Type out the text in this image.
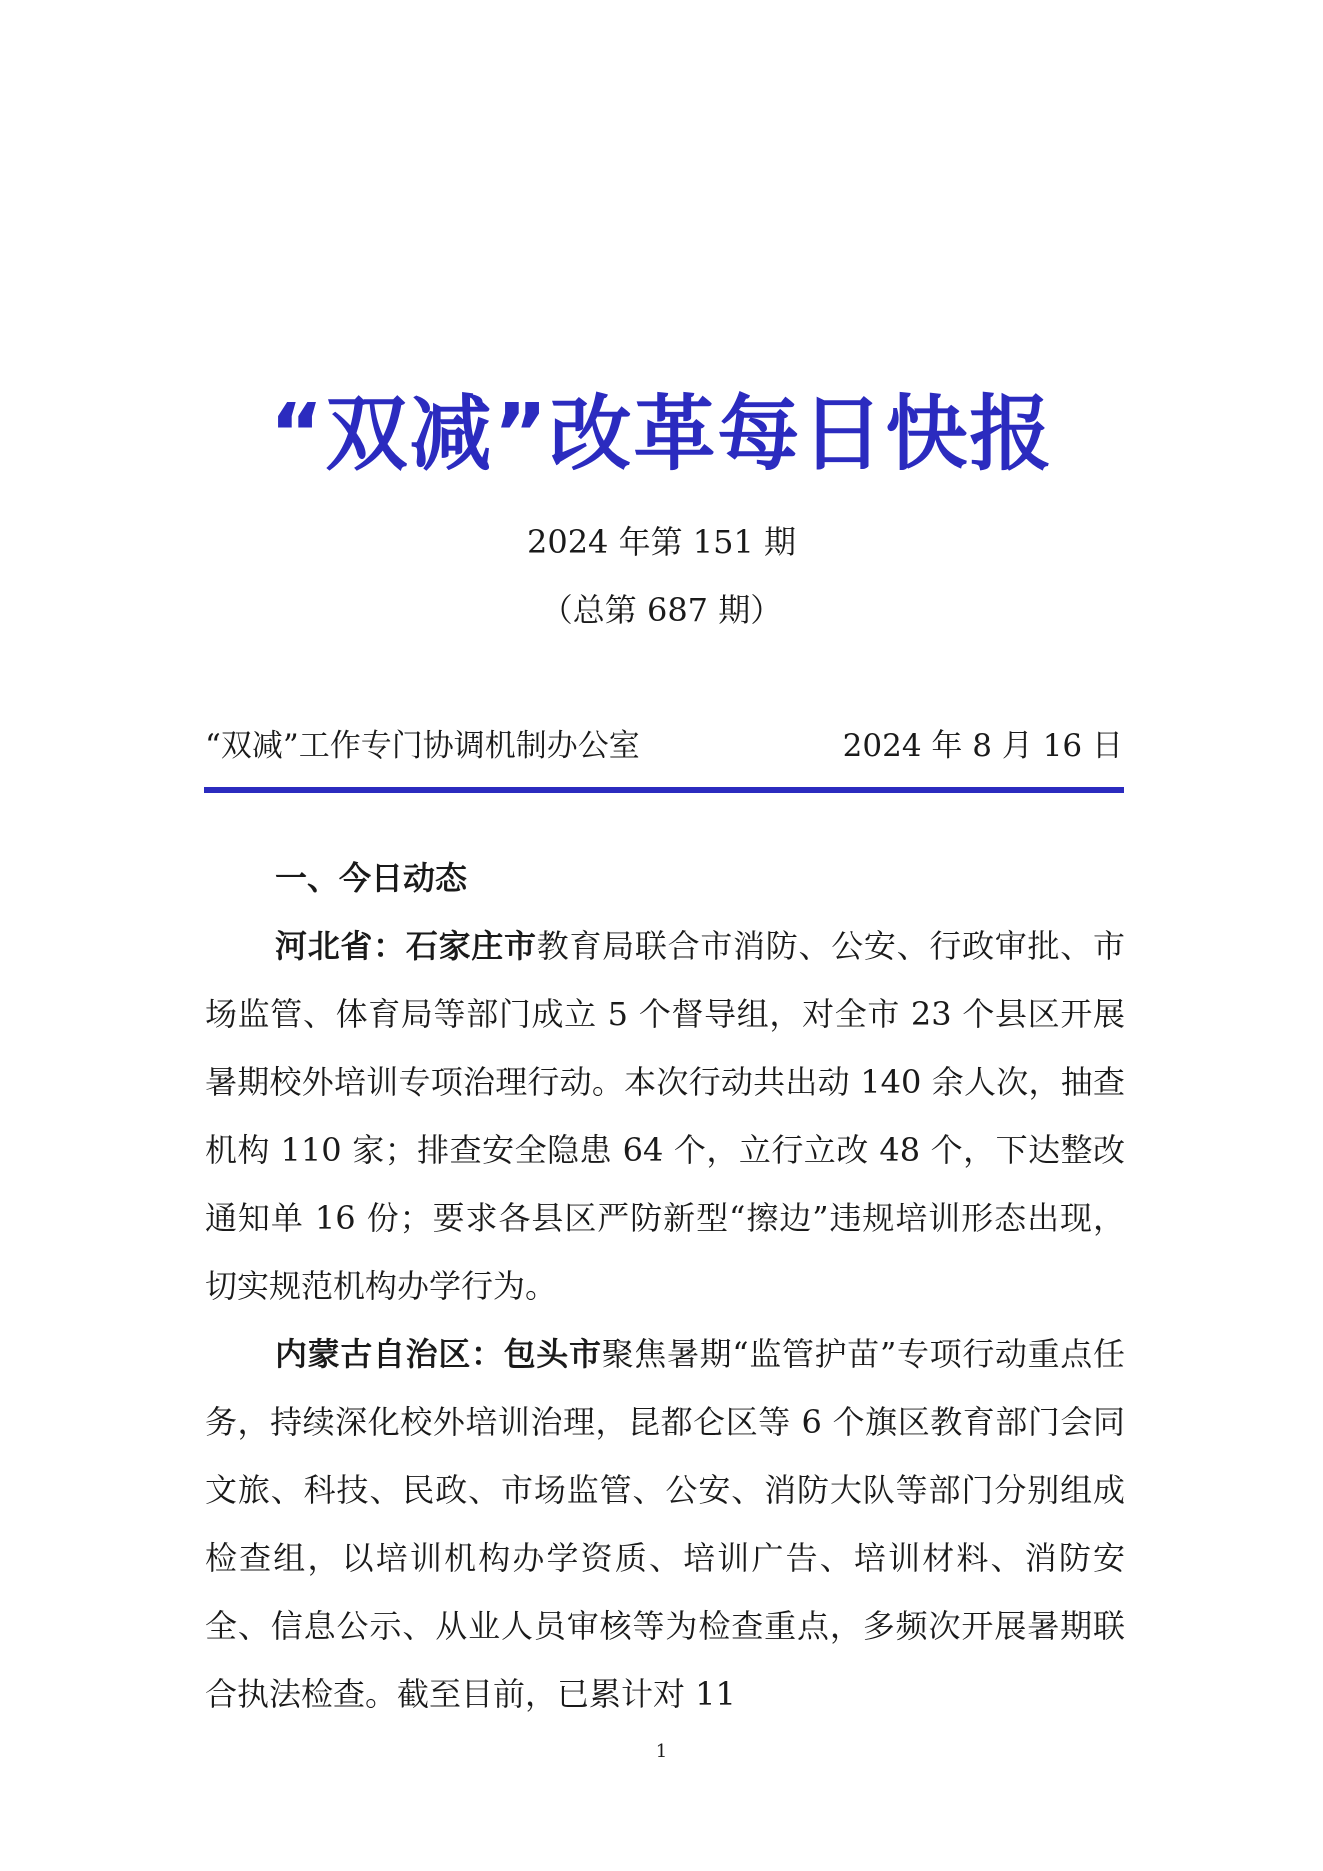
“双减”改革每日快报
2024 年第 151 期
（总第 687 期）
“双减”工作专门协调机制办公室	2024 年 8 月 16 日
一、今日动态

河北省：石家庄市教育局联合市消防、公安、行政审批、市场监管、体育局等部门成立 5 个督导组，对全市 23 个县区开展暑期校外培训专项治理行动。本次行动共出动 140 余人次，抽查机构 110 家；排查安全隐患 64 个，立行立改 48 个，下达整改通知单 16 份；要求各县区严防新型“擦边”违规培训形态出现，切实规范机构办学行为。

内蒙古自治区：包头市聚焦暑期“监管护苗”专项行动重点任务，持续深化校外培训治理，昆都仑区等 6 个旗区教育部门会同文旅、科技、民政、市场监管、公安、消防大队等部门分别组成检查组，以培训机构办学资质、培训广告、培训材料、消防安全、信息公示、从业人员审核等为检查重点，多频次开展暑期联合执法检查。截至目前，已累计对 11

1
